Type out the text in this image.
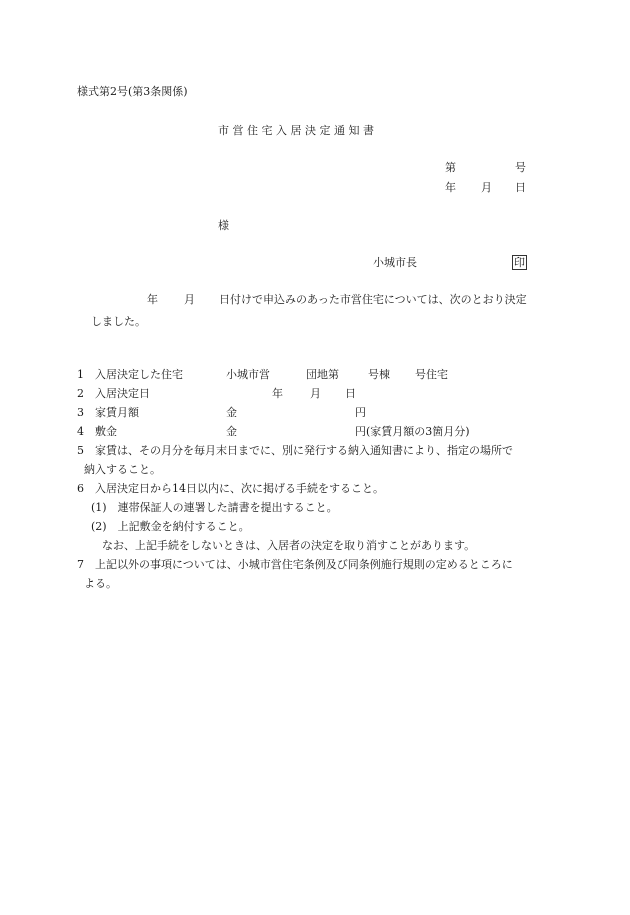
様式第2号(第3条関係)
市 営 住 宅 入 居 決 定 通 知 書
第	号
年 月 日
様
小城市長	印
年 月 日付けで申込みのあった市営住宅については、次のとおり決定
しました。
1　入居決定した住宅	小城市営	団地第	号棟 号住宅
2　入居決定日	年 月 日
3　家賃月額	金	円
4　敷金	金	円(家賃月額の3箇月分)
5　家賃は、その月分を毎月末日までに、別に発行する納入通知書により、指定の場所で
納入すること。
6　入居決定日から14日以内に、次に掲げる手続をすること。
(1)　連帯保証人の連署した請書を提出すること。
(2)　上記敷金を納付すること。
なお、上記手続をしないときは、入居者の決定を取り消すことがあります。
7　上記以外の事項については、小城市営住宅条例及び同条例施行規則の定めるところに
よる。
